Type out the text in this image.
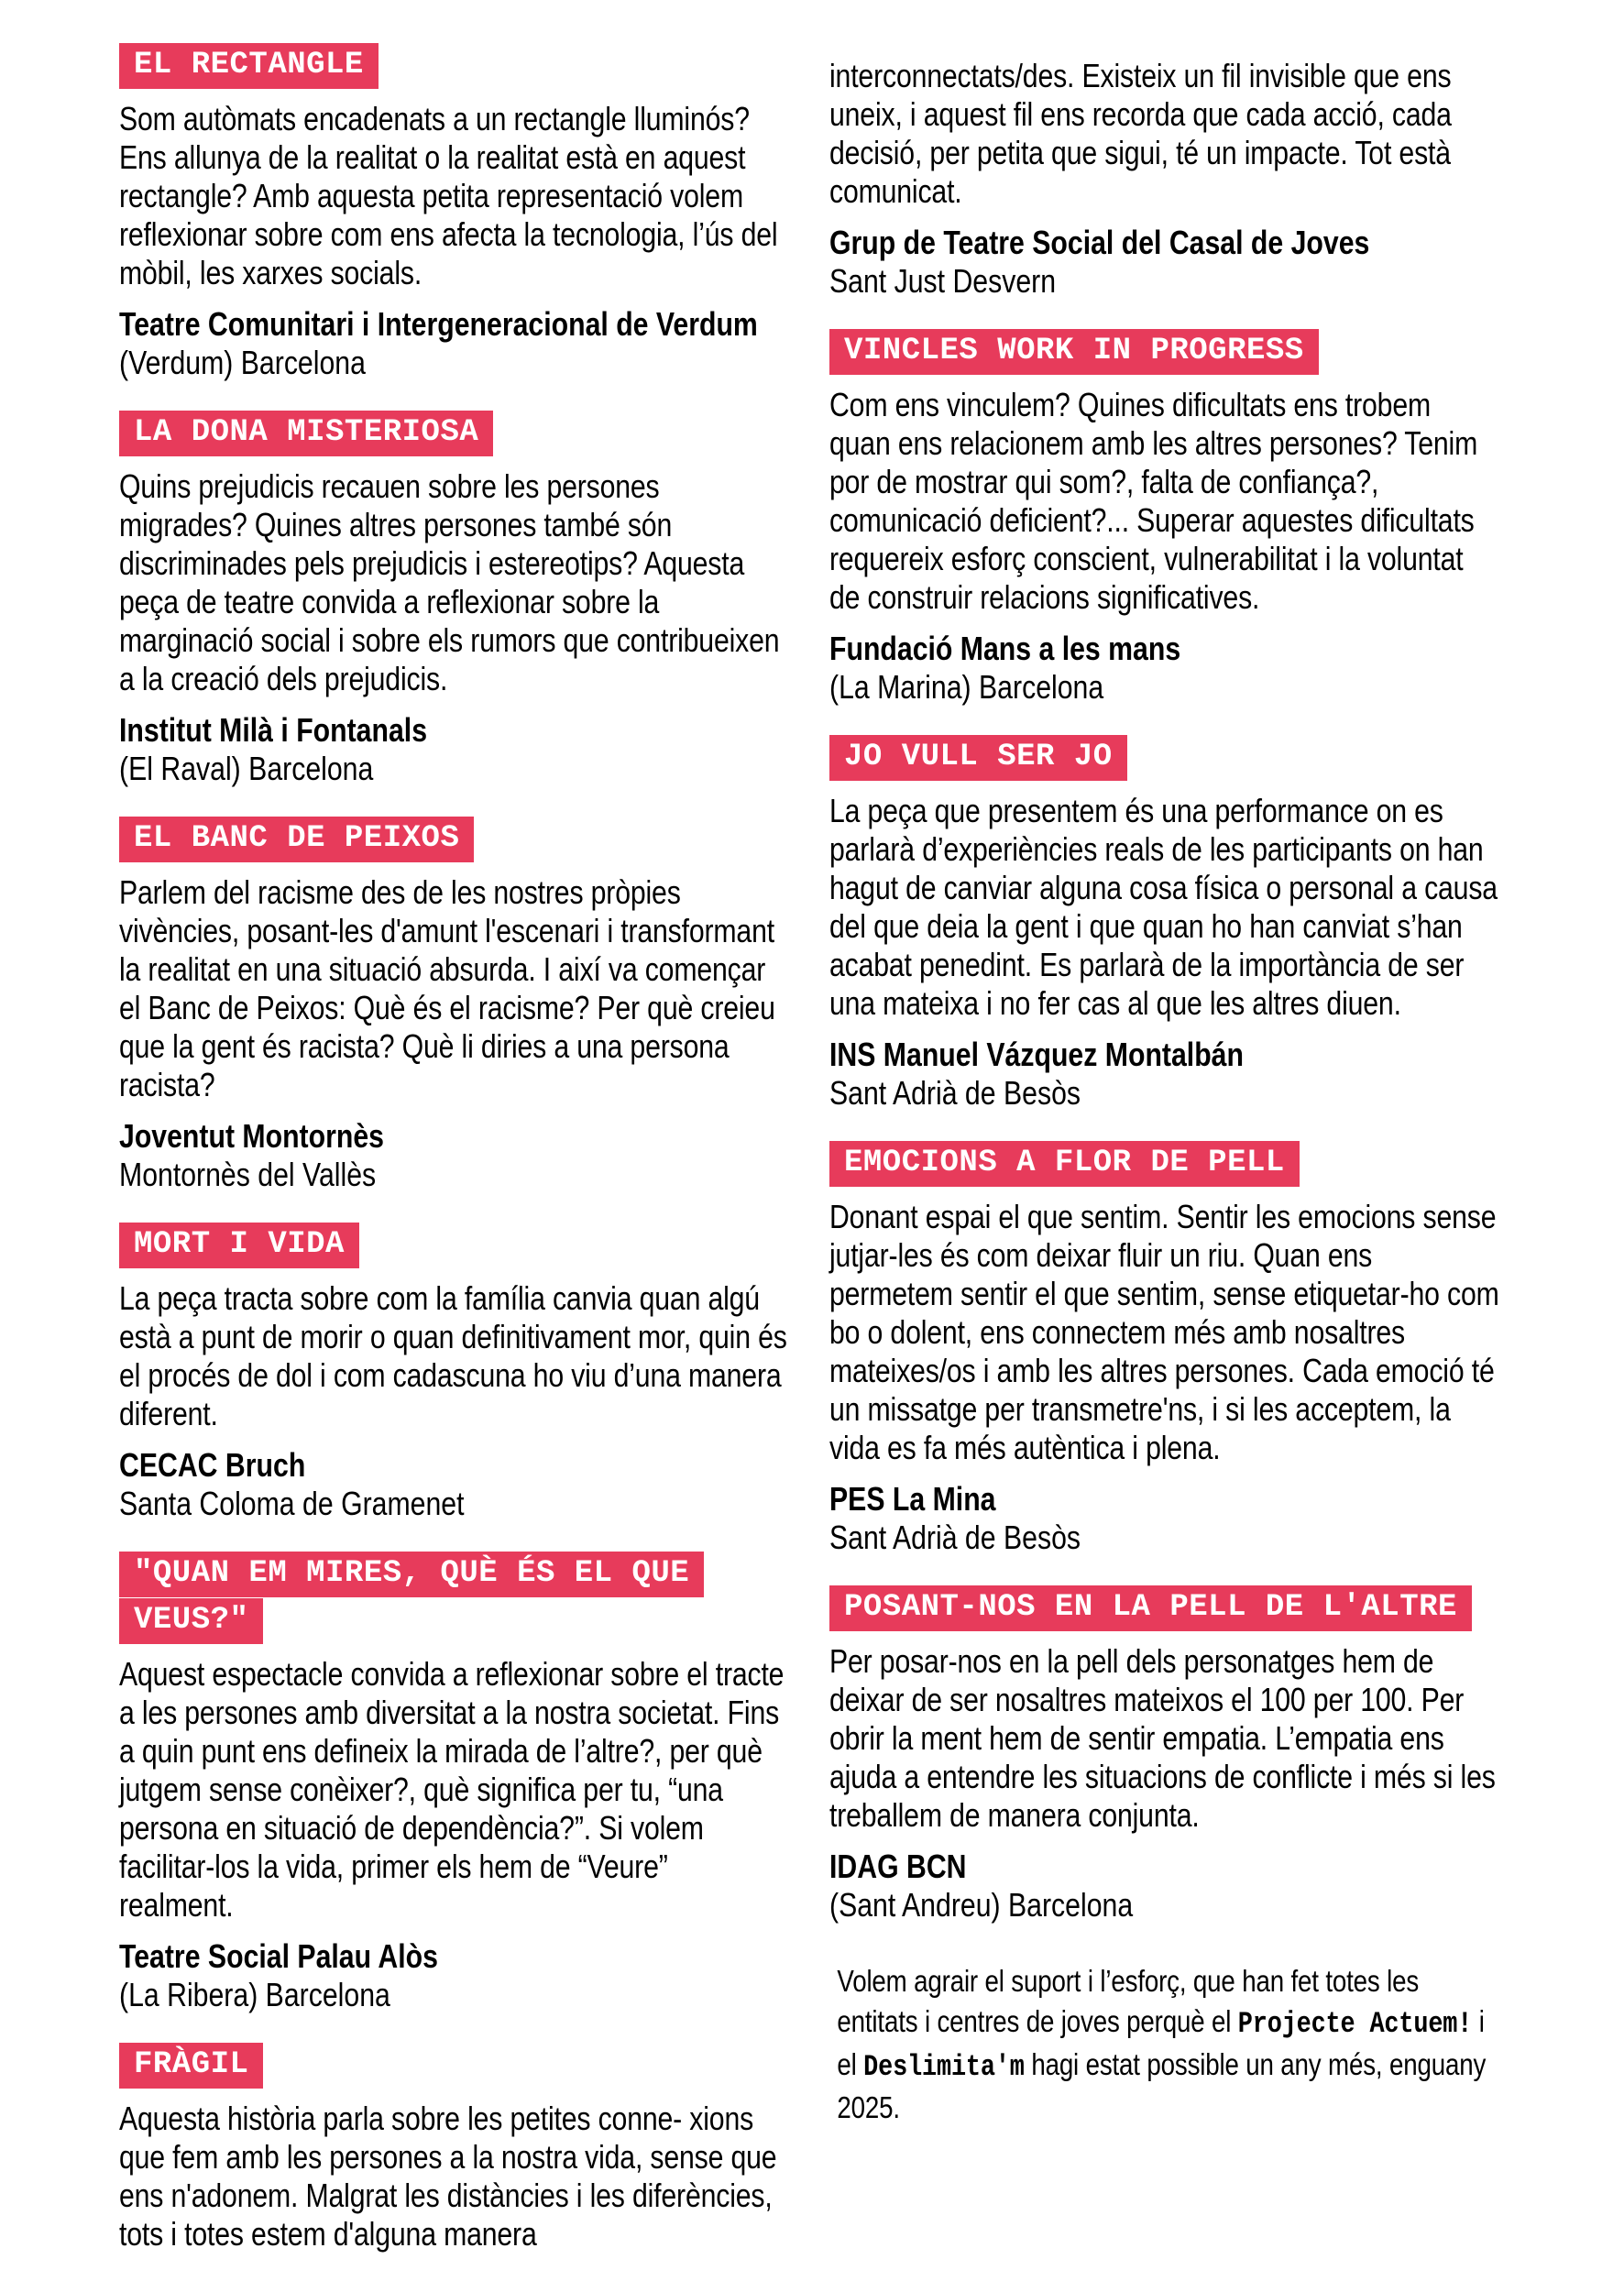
EL RECTANGLE

Som autòmats encadenats a un rectangle lluminós? Ens allunya de la realitat o la realitat està en aquest rectangle? Amb aquesta petita representació volem reflexionar sobre com ens afecta la tecnologia, l’ús del mòbil, les xarxes socials.

Teatre Comunitari i Intergeneracional de Verdum

(Verdum) Barcelona

LA DONA MISTERIOSA

Quins prejudicis recauen sobre les persones migrades? Quines altres persones també són discriminades pels prejudicis i estereotips? Aquesta peça de teatre convida a reflexionar sobre la marginació social i sobre els rumors que contribueixen a la creació dels prejudicis.

Institut Milà i Fontanals

(El Raval) Barcelona

EL BANC DE PEIXOS

Parlem del racisme des de les nostres pròpies vivències, posant-les d'amunt l'escenari i transformant la realitat en una situació absurda. I així va començar el Banc de Peixos: Què és el racisme? Per què creieu que la gent és racista? Què li diries a una persona racista?

Joventut Montornès

Montornès del Vallès

MORT I VIDA

La peça tracta sobre com la família canvia quan algú està a punt de morir o quan definitivament mor, quin és el procés de dol i com cadascuna ho viu d’una manera diferent.

CECAC Bruch

Santa Coloma de Gramenet

"QUAN EM MIRES, QUÈ ÉS EL QUE VEUS?"

Aquest espectacle convida a reflexionar sobre el tracte a les persones amb diversitat a la nostra societat. Fins a quin punt ens defineix la mirada de l’altre?, per què jutgem sense conèixer?, què significa per tu, “una persona en situació de dependència?”. Si volem facilitar-los la vida, primer els hem de “Veure” realment.

Teatre Social Palau Alòs

(La Ribera) Barcelona

FRÀGIL

Aquesta història parla sobre les petites conne- xions que fem amb les persones a la nostra vida, sense que ens n'adonem. Malgrat les distàncies i les diferències, tots i totes estem d'alguna manera

interconnectats/des. Existeix un fil invisible que ens uneix, i aquest fil ens recorda que cada acció, cada decisió, per petita que sigui, té un impacte. Tot està comunicat.

Grup de Teatre Social del Casal de Joves

Sant Just Desvern

VINCLES WORK IN PROGRESS

Com ens vinculem? Quines dificultats ens trobem quan ens relacionem amb les altres persones? Tenim por de mostrar qui som?, falta de confiança?, comunicació deficient?... Superar aquestes dificultats requereix esforç conscient, vulnerabilitat i la voluntat de construir relacions significatives.

Fundació Mans a les mans

(La Marina) Barcelona

JO VULL SER JO

La peça que presentem és una performance on es parlarà d’experiències reals de les participants on han hagut de canviar alguna cosa física o personal a causa del que deia la gent i que quan ho han canviat s’han acabat penedint. Es parlarà de la importància de ser una mateixa i no fer cas al que les altres diuen.

INS Manuel Vázquez Montalbán

Sant Adrià de Besòs

EMOCIONS A FLOR DE PELL

Donant espai el que sentim. Sentir les emocions sense jutjar-les és com deixar fluir un riu. Quan ens permetem sentir el que sentim, sense etiquetar-ho com bo o dolent, ens connectem més amb nosaltres mateixes/os i amb les altres persones. Cada emoció té un missatge per transmetre'ns, i si les acceptem, la vida es fa més autèntica i plena.

PES La Mina

Sant Adrià de Besòs

POSANT-NOS EN LA PELL DE L'ALTRE

Per posar-nos en la pell dels personatges hem de deixar de ser nosaltres mateixos el 100 per 100. Per obrir la ment hem de sentir empatia. L’empatia ens ajuda a entendre les situacions de conflicte i més si les treballem de manera conjunta.

IDAG BCN

(Sant Andreu) Barcelona

Volem agrair el suport i l’esforç, que han fet totes les entitats i centres de joves perquè el Projecte Actuem! i el Deslimita'm hagi estat possible un any més, enguany 2025.
